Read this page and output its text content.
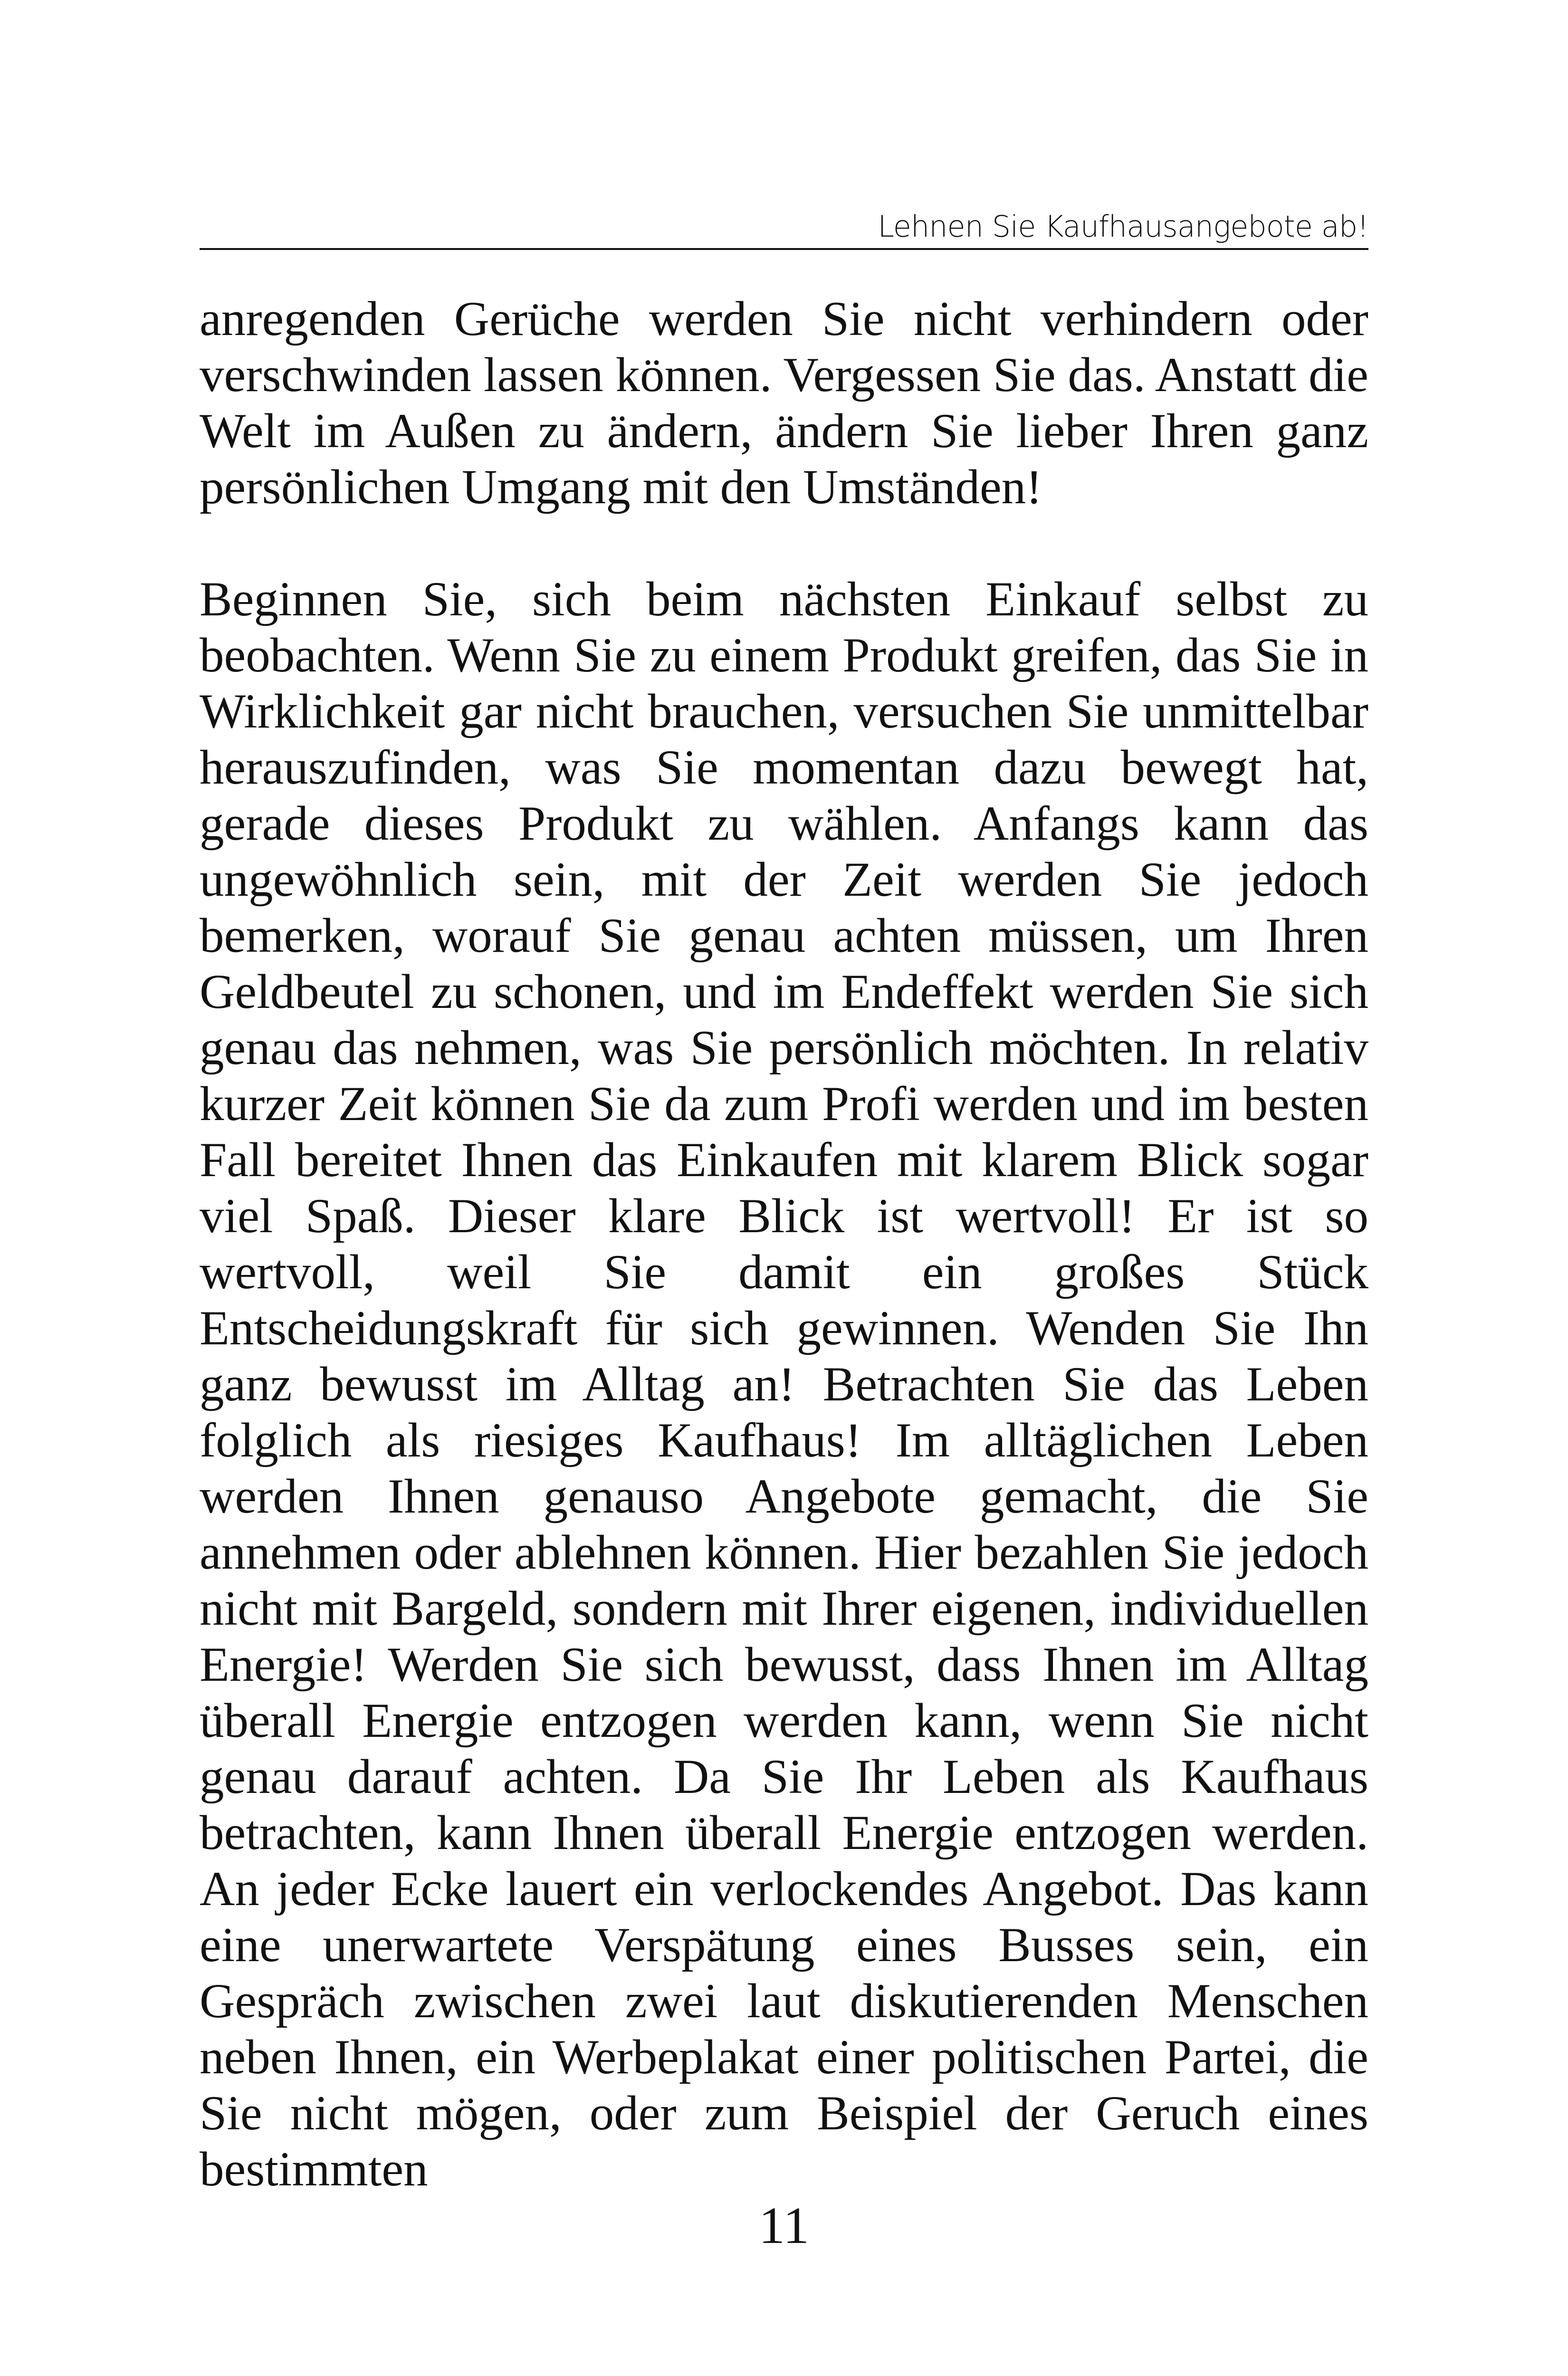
Lehnen Sie Kaufhausangebote ab!

anregenden Gerüche werden Sie nicht verhindern oder verschwinden lassen können. Vergessen Sie das. Anstatt die Welt im Außen zu ändern, ändern Sie lieber Ihren ganz persönlichen Umgang mit den Umständen!

Beginnen Sie, sich beim nächsten Einkauf selbst zu beobachten. Wenn Sie zu einem Produkt greifen, das Sie in Wirklichkeit gar nicht brauchen, versuchen Sie unmittelbar herauszufinden, was Sie momentan dazu bewegt hat, gerade dieses Produkt zu wählen. Anfangs kann das ungewöhnlich sein, mit der Zeit werden Sie jedoch bemerken, worauf Sie genau achten müssen, um Ihren Geldbeutel zu schonen, und im Endeffekt werden Sie sich genau das nehmen, was Sie persönlich möchten. In relativ kurzer Zeit können Sie da zum Profi werden und im besten Fall bereitet Ihnen das Einkaufen mit klarem Blick sogar viel Spaß. Dieser klare Blick ist wertvoll! Er ist so wertvoll, weil Sie damit ein großes Stück Entscheidungskraft für sich gewinnen. Wenden Sie Ihn ganz bewusst im Alltag an! Betrachten Sie das Leben folglich als riesiges Kaufhaus! Im alltäglichen Leben werden Ihnen genauso Angebote gemacht, die Sie annehmen oder ablehnen können. Hier bezahlen Sie jedoch nicht mit Bargeld, sondern mit Ihrer eigenen, individuellen Energie! Werden Sie sich bewusst, dass Ihnen im Alltag überall Energie entzogen werden kann, wenn Sie nicht genau darauf achten. Da Sie Ihr Leben als Kaufhaus betrachten, kann Ihnen überall Energie entzogen werden. An jeder Ecke lauert ein verlockendes Angebot. Das kann eine unerwartete Verspätung eines Busses sein, ein Gespräch zwischen zwei laut diskutierenden Menschen neben Ihnen, ein Werbeplakat einer politischen Partei, die Sie nicht mögen, oder zum Beispiel der Geruch eines bestimmten

11
